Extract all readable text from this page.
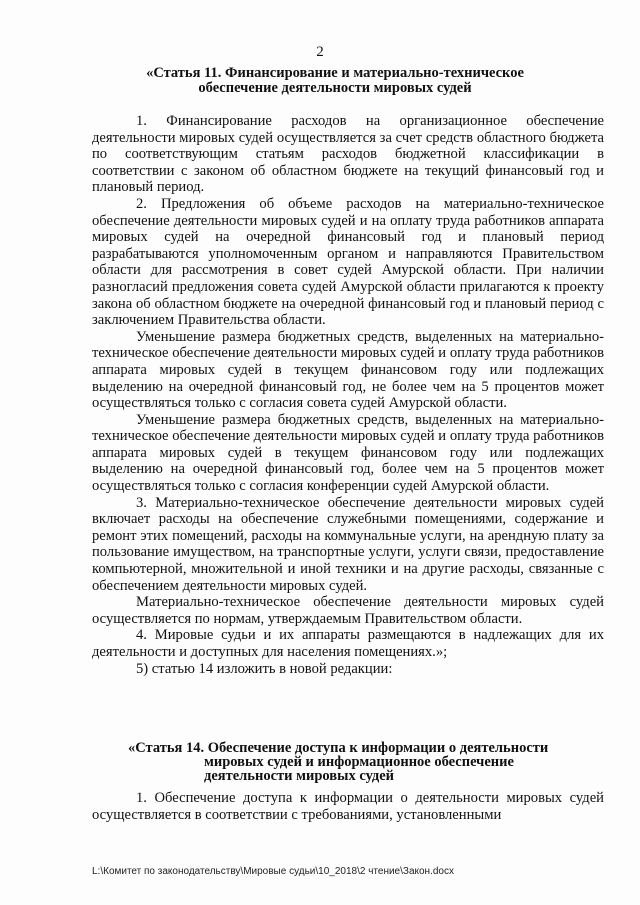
2
«Статья 11. Финансирование и материально-техническое обеспечение деятельности мировых судей

1. Финансирование расходов на организационное обеспечение деятельности мировых судей осуществляется за счет средств областного бюджета по соответствующим статьям расходов бюджетной классификации в соответствии с законом об областном бюджете на текущий финансовый год и плановый период.

2. Предложения об объеме расходов на материально-техническое обеспечение деятельности мировых судей и на оплату труда работников аппарата мировых судей на очередной финансовый год и плановый период разрабатываются уполномоченным органом и направляются Правительством области для рассмотрения в совет судей Амурской области. При наличии разногласий предложения совета судей Амурской области прилагаются к проекту закона об областном бюджете на очередной финансовый год и плановый период с заключением Правительства области.

Уменьшение размера бюджетных средств, выделенных на материально-техническое обеспечение деятельности мировых судей и оплату труда работников аппарата мировых судей в текущем финансовом году или подлежащих выделению на очередной финансовый год, не более чем на 5 процентов может осуществляться только с согласия совета судей Амурской области.

Уменьшение размера бюджетных средств, выделенных на материально-техническое обеспечение деятельности мировых судей и оплату труда работников аппарата мировых судей в текущем финансовом году или подлежащих выделению на очередной финансовый год, более чем на 5 процентов может осуществляться только с согласия конференции судей Амурской области.

3. Материально-техническое обеспечение деятельности мировых судей включает расходы на обеспечение служебными помещениями, содержание и ремонт этих помещений, расходы на коммунальные услуги, на арендную плату за пользование имуществом, на транспортные услуги, услуги связи, предоставление компьютерной, множительной и иной техники и на другие расходы, связанные с обеспечением деятельности мировых судей.

Материально-техническое обеспечение деятельности мировых судей осуществляется по нормам, утверждаемым Правительством области.

4. Мировые судьи и их аппараты размещаются в надлежащих для их деятельности и доступных для населения помещениях.»;

5) статью 14 изложить в новой редакции:

«Статья 14. Обеспечение доступа к информации о деятельности
мировых судей и информационное обеспечение
деятельности мировых судей

1. Обеспечение доступа к информации о деятельности мировых судей осуществляется в соответствии с требованиями, установленными

L:\Комитет по законодательству\Мировые судьи\10_2018\2 чтение\Закон.docx
